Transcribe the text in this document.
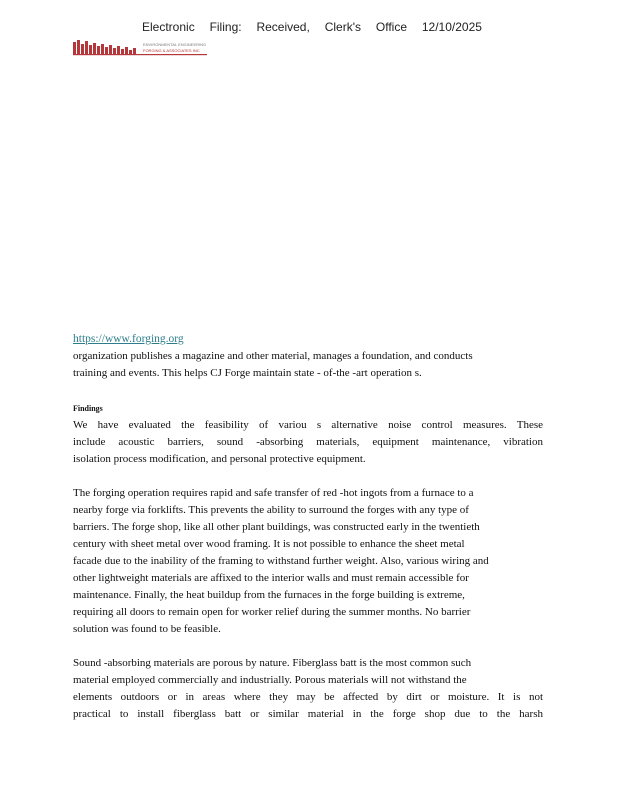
Electronic Filing: Received, Clerk's Office 12/10/2025
ENVIRONMENTAL ENGINEERING
FORGING & ASSOCIATES INC
https://www.forging.org
organization publishes a magazine and other material, manages a foundation, and conducts
training and events. This helps CJ Forge maintain state - of-the -art operation s.
Findings
We have evaluated the feasibility of variou s alternative noise control measures. These
include acoustic barriers, sound -absorbing materials, equipment maintenance, vibration
isolation process modification, and personal protective equipment.
The forging operation requires rapid and safe transfer of red -hot ingots from a furnace to a
nearby forge via forklifts. This prevents the ability to surround the forges with any type of
barriers. The forge shop, like all other plant buildings, was constructed early in the twentieth
century with sheet metal over wood framing. It is not possible to enhance the sheet metal
facade due to the inability of the framing to withstand further weight. Also, various wiring and
other lightweight materials are affixed to the interior walls and must remain accessible for
maintenance. Finally, the heat buildup from the furnaces in the forge building is extreme,
requiring all doors to remain open for worker relief during the summer months. No barrier
solution was found to be feasible.
Sound -absorbing materials are porous by nature. Fiberglass batt is the most common such
material employed commercially and industrially. Porous materials will not withstand the
elements outdoors or in areas where they may be affected by dirt or moisture. It is not
practical to install fiberglass batt or similar material in the forge shop due to the harsh
